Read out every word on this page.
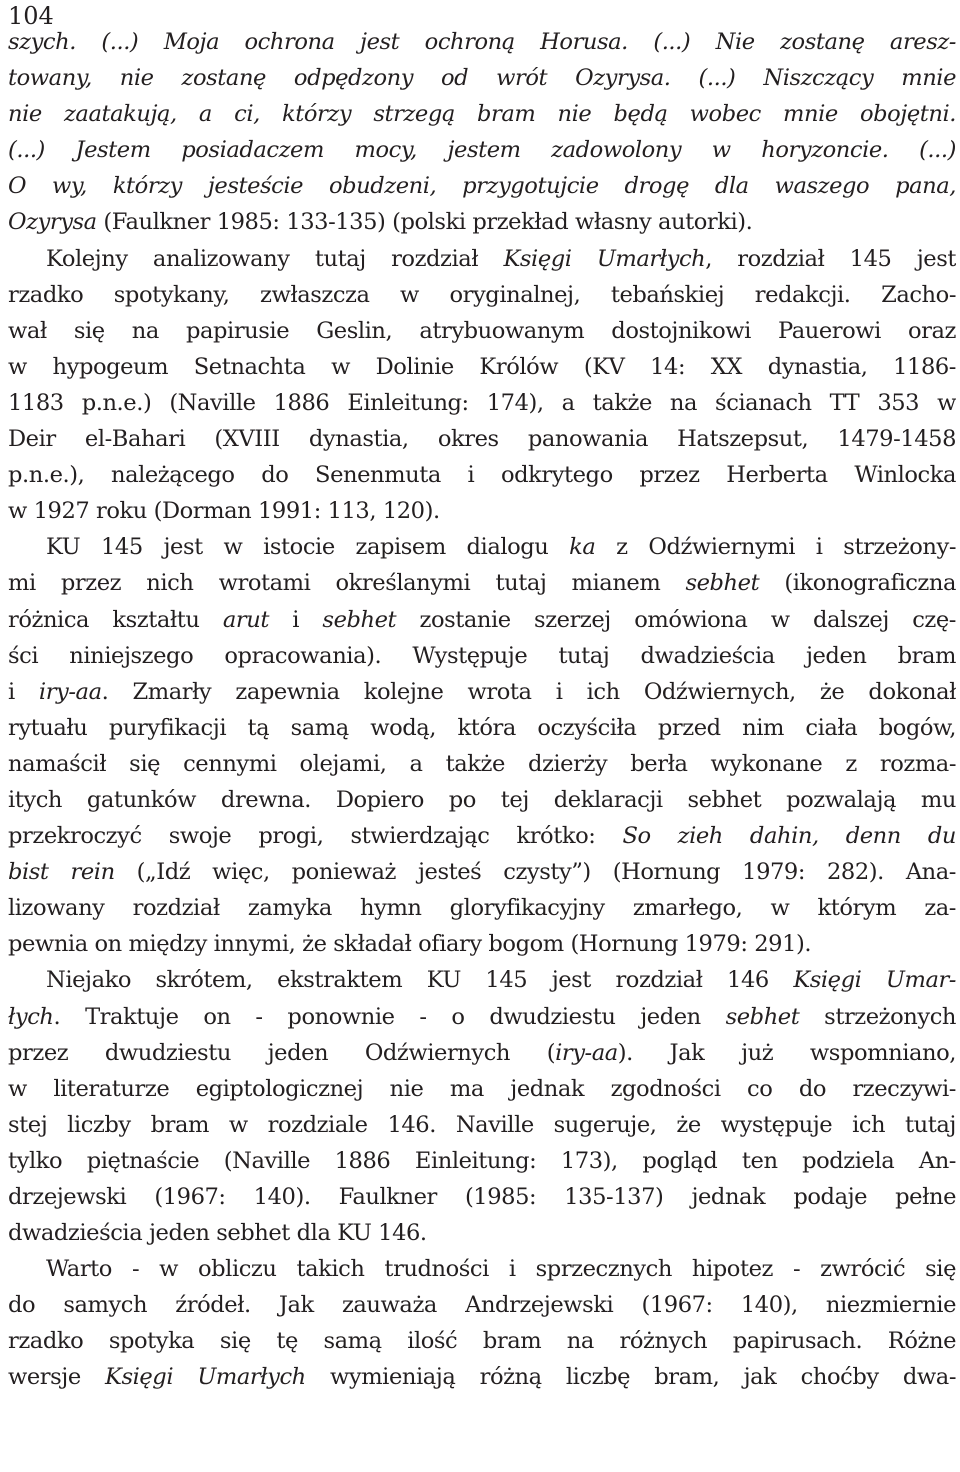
104
szych. (...) Moja ochrona jest ochroną Horusa. (...) Nie zostanę aresz-
towany, nie zostanę odpędzony od wrót Ozyrysa. (...) Niszczący mnie
nie zaatakują, a ci, którzy strzegą bram nie będą wobec mnie obojętni.
(...) Jestem posiadaczem mocy, jestem zadowolony w horyzoncie. (...)
O wy, którzy jesteście obudzeni, przygotujcie drogę dla waszego pana,
Ozyrysa (Faulkner 1985: 133-135) (polski przekład własny autorki).
Kolejny analizowany tutaj rozdział Księgi Umarłych, rozdział 145 jest
rzadko spotykany, zwłaszcza w oryginalnej, tebańskiej redakcji. Zacho-
wał się na papirusie Geslin, atrybuowanym dostojnikowi Pauerowi oraz
w hypogeum Setnachta w Dolinie Królów (KV 14: XX dynastia, 1186-
1183 p.n.e.) (Naville 1886 Einleitung: 174), a także na ścianach TT 353 w
Deir el-Bahari (XVIII dynastia, okres panowania Hatszepsut, 1479-1458
p.n.e.), należącego do Senenmuta i odkrytego przez Herberta Winlocka
w 1927 roku (Dorman 1991: 113, 120).
KU 145 jest w istocie zapisem dialogu ka z Odźwiernymi i strzeżony-
mi przez nich wrotami określanymi tutaj mianem sebhet (ikonograficzna
różnica kształtu arut i sebhet zostanie szerzej omówiona w dalszej czę-
ści niniejszego opracowania). Występuje tutaj dwadzieścia jeden bram
i iry-aa. Zmarły zapewnia kolejne wrota i ich Odźwiernych, że dokonał
rytuału puryfikacji tą samą wodą, która oczyściła przed nim ciała bogów,
namaścił się cennymi olejami, a także dzierży berła wykonane z rozma-
itych gatunków drewna. Dopiero po tej deklaracji sebhet pozwalają mu
przekroczyć swoje progi, stwierdzając krótko: So zieh dahin, denn du
bist rein („Idź więc, ponieważ jesteś czysty”) (Hornung 1979: 282). Ana-
lizowany rozdział zamyka hymn gloryfikacyjny zmarłego, w którym za-
pewnia on między innymi, że składał ofiary bogom (Hornung 1979: 291).
Niejako skrótem, ekstraktem KU 145 jest rozdział 146 Księgi Umar-
łych. Traktuje on - ponownie - o dwudziestu jeden sebhet strzeżonych
przez dwudziestu jeden Odźwiernych (iry-aa). Jak już wspomniano,
w literaturze egiptologicznej nie ma jednak zgodności co do rzeczywi-
stej liczby bram w rozdziale 146. Naville sugeruje, że występuje ich tutaj
tylko piętnaście (Naville 1886 Einleitung: 173), pogląd ten podziela An-
drzejewski (1967: 140). Faulkner (1985: 135-137) jednak podaje pełne
dwadzieścia jeden sebhet dla KU 146.
Warto - w obliczu takich trudności i sprzecznych hipotez - zwrócić się
do samych źródeł. Jak zauważa Andrzejewski (1967: 140), niezmiernie
rzadko spotyka się tę samą ilość bram na różnych papirusach. Różne
wersje Księgi Umarłych wymieniają różną liczbę bram, jak choćby dwa-
